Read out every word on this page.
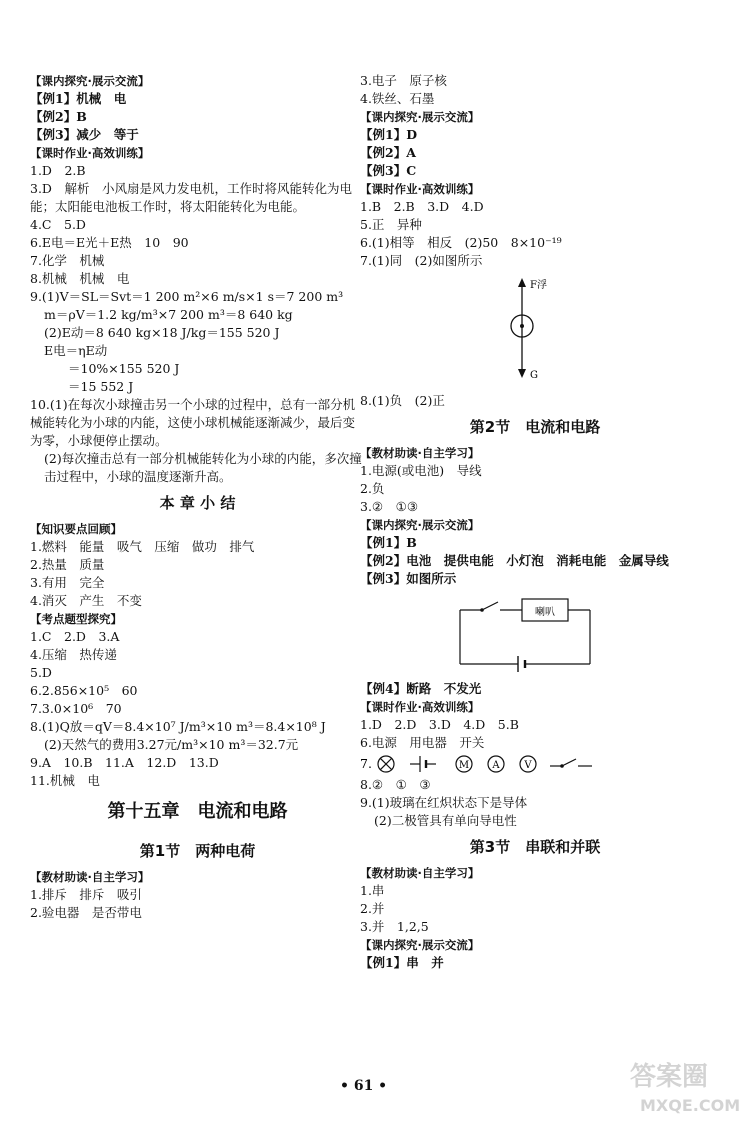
【课内探究·展示交流】
【例1】机械　电
【例2】B
【例3】减少　等于
【课时作业·高效训练】
1.D　2.B
3.D　解析　小风扇是风力发电机，工作时将风能转化为电能；太阳能电池板工作时，将太阳能转化为电能。
4.C　5.D
6.E电＝E光＋E热　10　90
7.化学　机械
8.机械　机械　电
9.(1)V＝SL＝Svt＝1 200 m²×6 m/s×1 s＝7 200 m³
m＝ρV＝1.2 kg/m³×7 200 m³＝8 640 kg
(2)E动＝8 640 kg×18 J/kg＝155 520 J
E电＝ηE动
＝10%×155 520 J
＝15 552 J
10.(1)在每次小球撞击另一个小球的过程中，总有一部分机械能转化为小球的内能，这使小球机械能逐渐减少，最后变为零，小球便停止摆动。
(2)每次撞击总有一部分机械能转化为小球的内能，多次撞击过程中，小球的温度逐渐升高。
本 章 小 结
【知识要点回顾】
1.燃料　能量　吸气　压缩　做功　排气
2.热量　质量
3.有用　完全
4.消灭　产生　不变
【考点题型探究】
1.C　2.D　3.A
4.压缩　热传递
5.D
6.2.856×10⁵　60
7.3.0×10⁶　70
8.(1)Q放＝qV＝8.4×10⁷ J/m³×10 m³＝8.4×10⁸ J
(2)天然气的费用3.27元/m³×10 m³＝32.7元
9.A　10.B　11.A　12.D　13.D
11.机械　电
第十五章　电流和电路
第1节　两种电荷
【教材助读·自主学习】
1.排斥　排斥　吸引
2.验电器　是否带电
3.电子　原子核
4.铁丝、石墨
【课内探究·展示交流】
【例1】D
【例2】A
【例3】C
【课时作业·高效训练】
1.B　2.B　3.D　4.D
5.正　异种
6.(1)相等　相反　(2)50　8×10⁻¹⁹
7.(1)同　(2)如图所示
F浮
G
8.(1)负　(2)正
第2节　电流和电路
【教材助读·自主学习】
1.电源(或电池)　导线
2.负
3.②　①③
【课内探究·展示交流】
【例1】B
【例2】电池　提供电能　小灯泡　消耗电能　金属导线
【例3】如图所示
喇叭
【例4】断路　不发光
【课时作业·高效训练】
1.D　2.D　3.D　4.D　5.B
6.电源　用电器　开关
7.	M A V
8.②　①　③
9.(1)玻璃在红炽状态下是导体
(2)二极管具有单向导电性
第3节　串联和并联
【教材助读·自主学习】
1.串
2.并
3.并　1,2,5
【课内探究·展示交流】
【例1】串　并
• 61 •	答案圈
MXQE.COM
